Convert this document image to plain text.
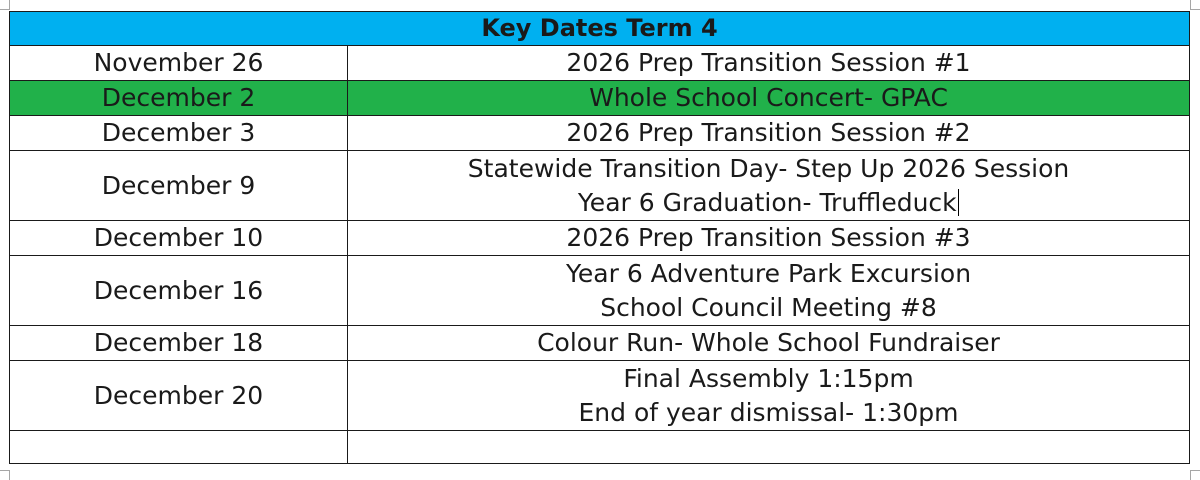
Key Dates Term 4	
November 26	2026 Prep Transition Session #1

December 2	Whole School Concert- GPAC

December 3	2026 Prep Transition Session #2

December 9	Statewide Transition Day- Step Up 2026 Session
Year 6 Graduation- Truffleduck

December 10	2026 Prep Transition Session #3

December 16	Year 6 Adventure Park Excursion
School Council Meeting #8

December 18	Colour Run- Whole School Fundraiser

December 20	Final Assembly 1:15pm
End of year dismissal- 1:30pm
